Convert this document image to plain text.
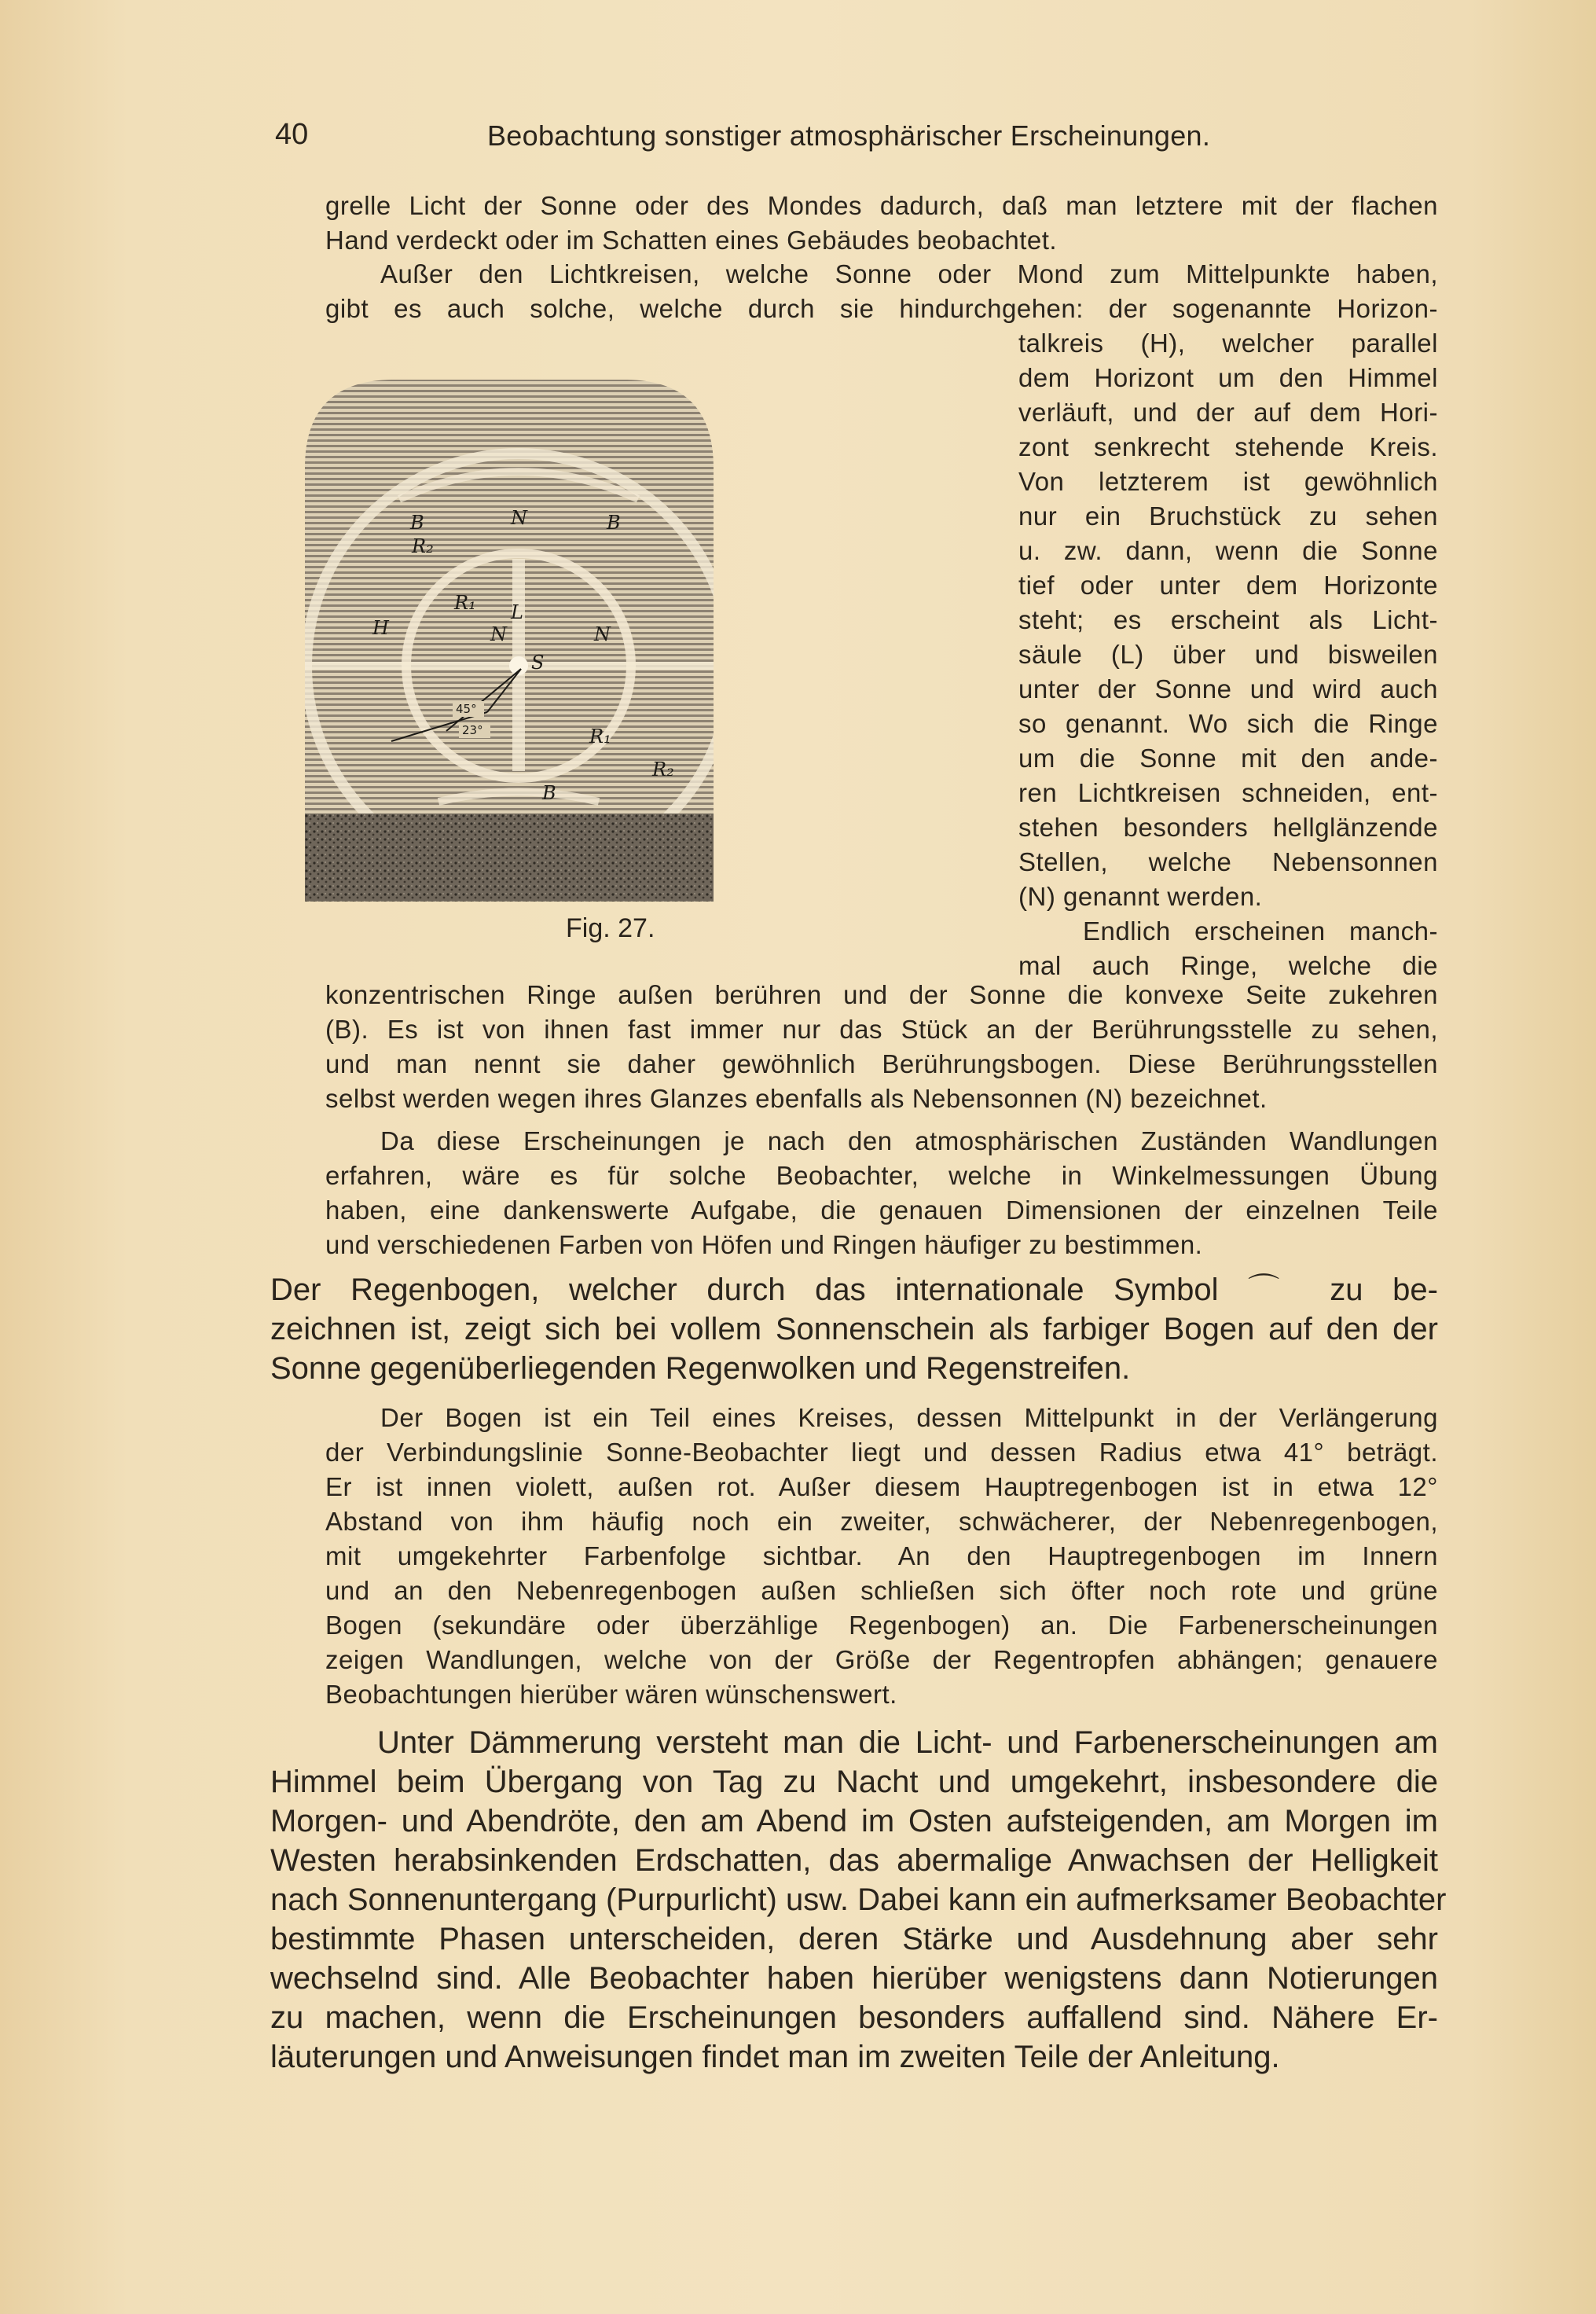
40	Beobachtung sonstiger atmosphärischer Erscheinungen.
grelle Licht der Sonne oder des Mondes dadurch, daß man letztere mit der flachen
Hand verdeckt oder im Schatten eines Gebäudes beobachtet.
Außer den Lichtkreisen, welche Sonne oder Mond zum Mittelpunkte haben,
gibt es auch solche, welche durch sie hindurchgehen: der sogenannte Horizon-
talkreis (H), welcher parallel
dem Horizont um den Himmel
verläuft, und der auf dem Hori-
zont senkrecht stehende Kreis.
Von letzterem ist gewöhnlich
nur ein Bruchstück zu sehen
u. zw. dann, wenn die Sonne
tief oder unter dem Horizonte
steht; es erscheint als Licht-
säule (L) über und bisweilen
unter der Sonne und wird auch
so genannt. Wo sich die Ringe
um die Sonne mit den ande-
ren Lichtkreisen schneiden, ent-
stehen besonders hellglänzende
Stellen, welche Nebensonnen
(N) genannt werden.
Endlich erscheinen manch-
mal auch Ringe, welche die
B	N	B
R₂
R₁ L
H	N	N
S
R₁
R₂
B
45°
23°
Fig. 27.
konzentrischen Ringe außen berühren und der Sonne die konvexe Seite zukehren
(B). Es ist von ihnen fast immer nur das Stück an der Berührungsstelle zu sehen,
und man nennt sie daher gewöhnlich Berührungsbogen. Diese Berührungsstellen
selbst werden wegen ihres Glanzes ebenfalls als Nebensonnen (N) bezeichnet.
Da diese Erscheinungen je nach den atmosphärischen Zuständen Wandlungen
erfahren, wäre es für solche Beobachter, welche in Winkelmessungen Übung
haben, eine dankenswerte Aufgabe, die genauen Dimensionen der einzelnen Teile
und verschiedenen Farben von Höfen und Ringen häufiger zu bestimmen.
Der Regenbogen, welcher durch das internationale Symbol ⌒ zu be-
zeichnen ist, zeigt sich bei vollem Sonnenschein als farbiger Bogen auf den der
Sonne gegenüberliegenden Regenwolken und Regenstreifen.
Der Bogen ist ein Teil eines Kreises, dessen Mittelpunkt in der Verlängerung
der Verbindungslinie Sonne-Beobachter liegt und dessen Radius etwa 41° beträgt.
Er ist innen violett, außen rot. Außer diesem Hauptregenbogen ist in etwa 12°
Abstand von ihm häufig noch ein zweiter, schwächerer, der Nebenregenbogen,
mit umgekehrter Farbenfolge sichtbar. An den Hauptregenbogen im Innern
und an den Nebenregenbogen außen schließen sich öfter noch rote und grüne
Bogen (sekundäre oder überzählige Regenbogen) an. Die Farbenerscheinungen
zeigen Wandlungen, welche von der Größe der Regentropfen abhängen; genauere
Beobachtungen hierüber wären wünschenswert.
Unter Dämmerung versteht man die Licht- und Farbenerscheinungen am
Himmel beim Übergang von Tag zu Nacht und umgekehrt, insbesondere die
Morgen- und Abendröte, den am Abend im Osten aufsteigenden, am Morgen im
Westen herabsinkenden Erdschatten, das abermalige Anwachsen der Helligkeit
nach Sonnenuntergang (Purpurlicht) usw. Dabei kann ein aufmerksamer Beobachter
bestimmte Phasen unterscheiden, deren Stärke und Ausdehnung aber sehr
wechselnd sind. Alle Beobachter haben hierüber wenigstens dann Notierungen
zu machen, wenn die Erscheinungen besonders auffallend sind. Nähere Er-
läuterungen und Anweisungen findet man im zweiten Teile der Anleitung.
